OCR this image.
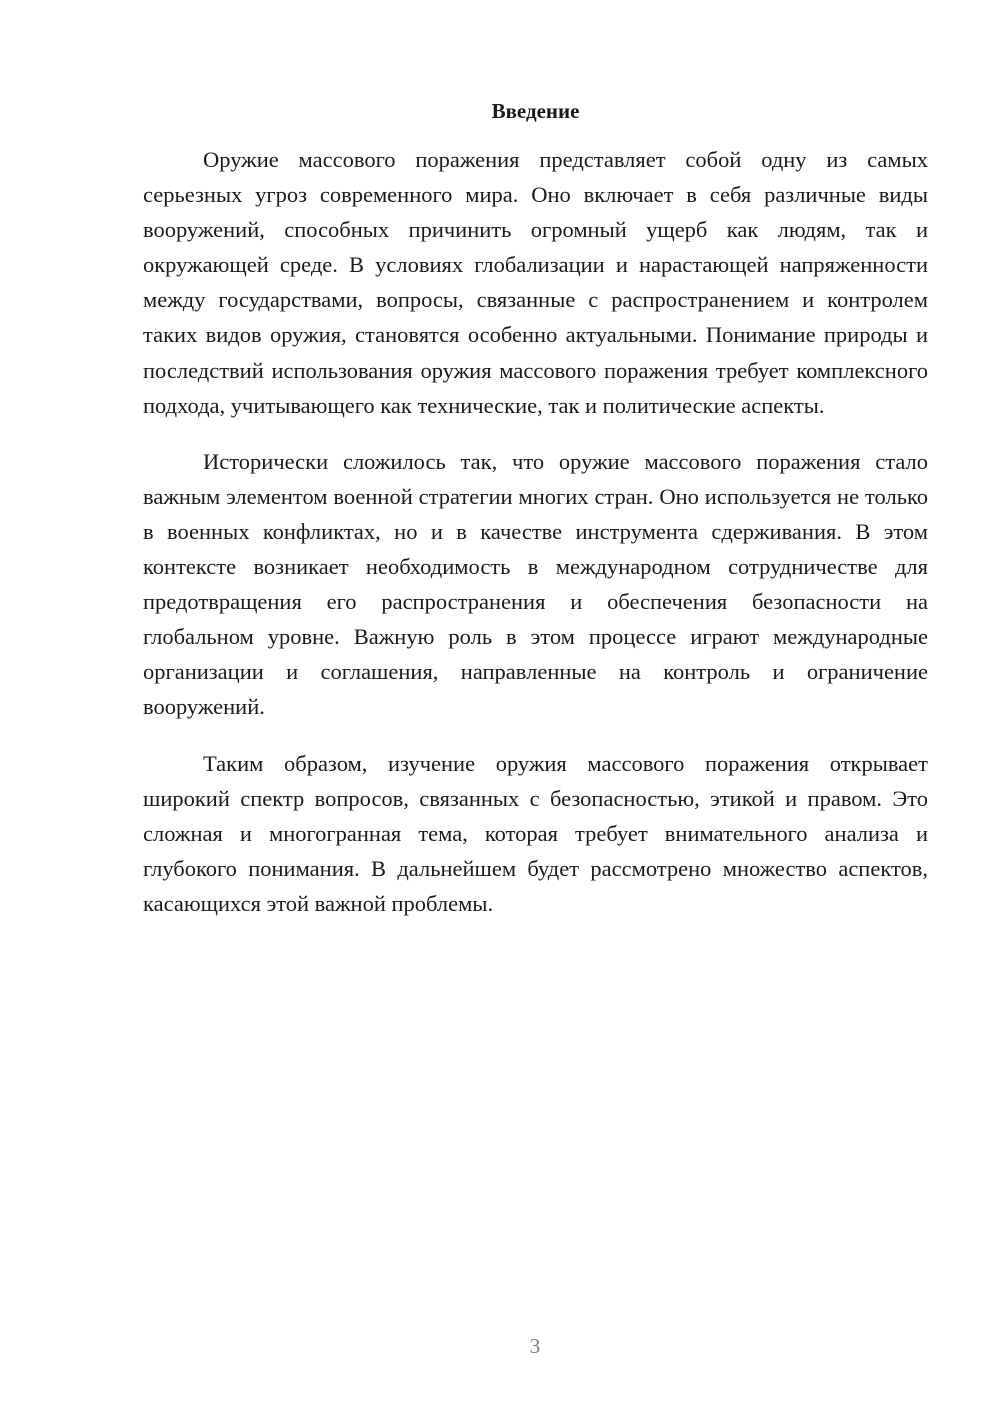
Введение

Оружие массового поражения представляет собой одну из самых серьезных угроз современного мира. Оно включает в себя различные виды вооружений, способных причинить огромный ущерб как людям, так и окружающей среде. В условиях глобализации и нарастающей напряженности между государствами, вопросы, связанные с распространением и контролем таких видов оружия, становятся особенно актуальными. Понимание природы и последствий использования оружия массового поражения требует комплексного подхода, учитывающего как технические, так и политические аспекты.

Исторически сложилось так, что оружие массового поражения стало важным элементом военной стратегии многих стран. Оно используется не только в военных конфликтах, но и в качестве инструмента сдерживания. В этом контексте возникает необходимость в международном сотрудничестве для предотвращения его распространения и обеспечения безопасности на глобальном уровне. Важную роль в этом процессе играют международные организации и соглашения, направленные на контроль и ограничение вооружений.

Таким образом, изучение оружия массового поражения открывает широкий спектр вопросов, связанных с безопасностью, этикой и правом. Это сложная и многогранная тема, которая требует внимательного анализа и глубокого понимания. В дальнейшем будет рассмотрено множество аспектов, касающихся этой важной проблемы.

3
